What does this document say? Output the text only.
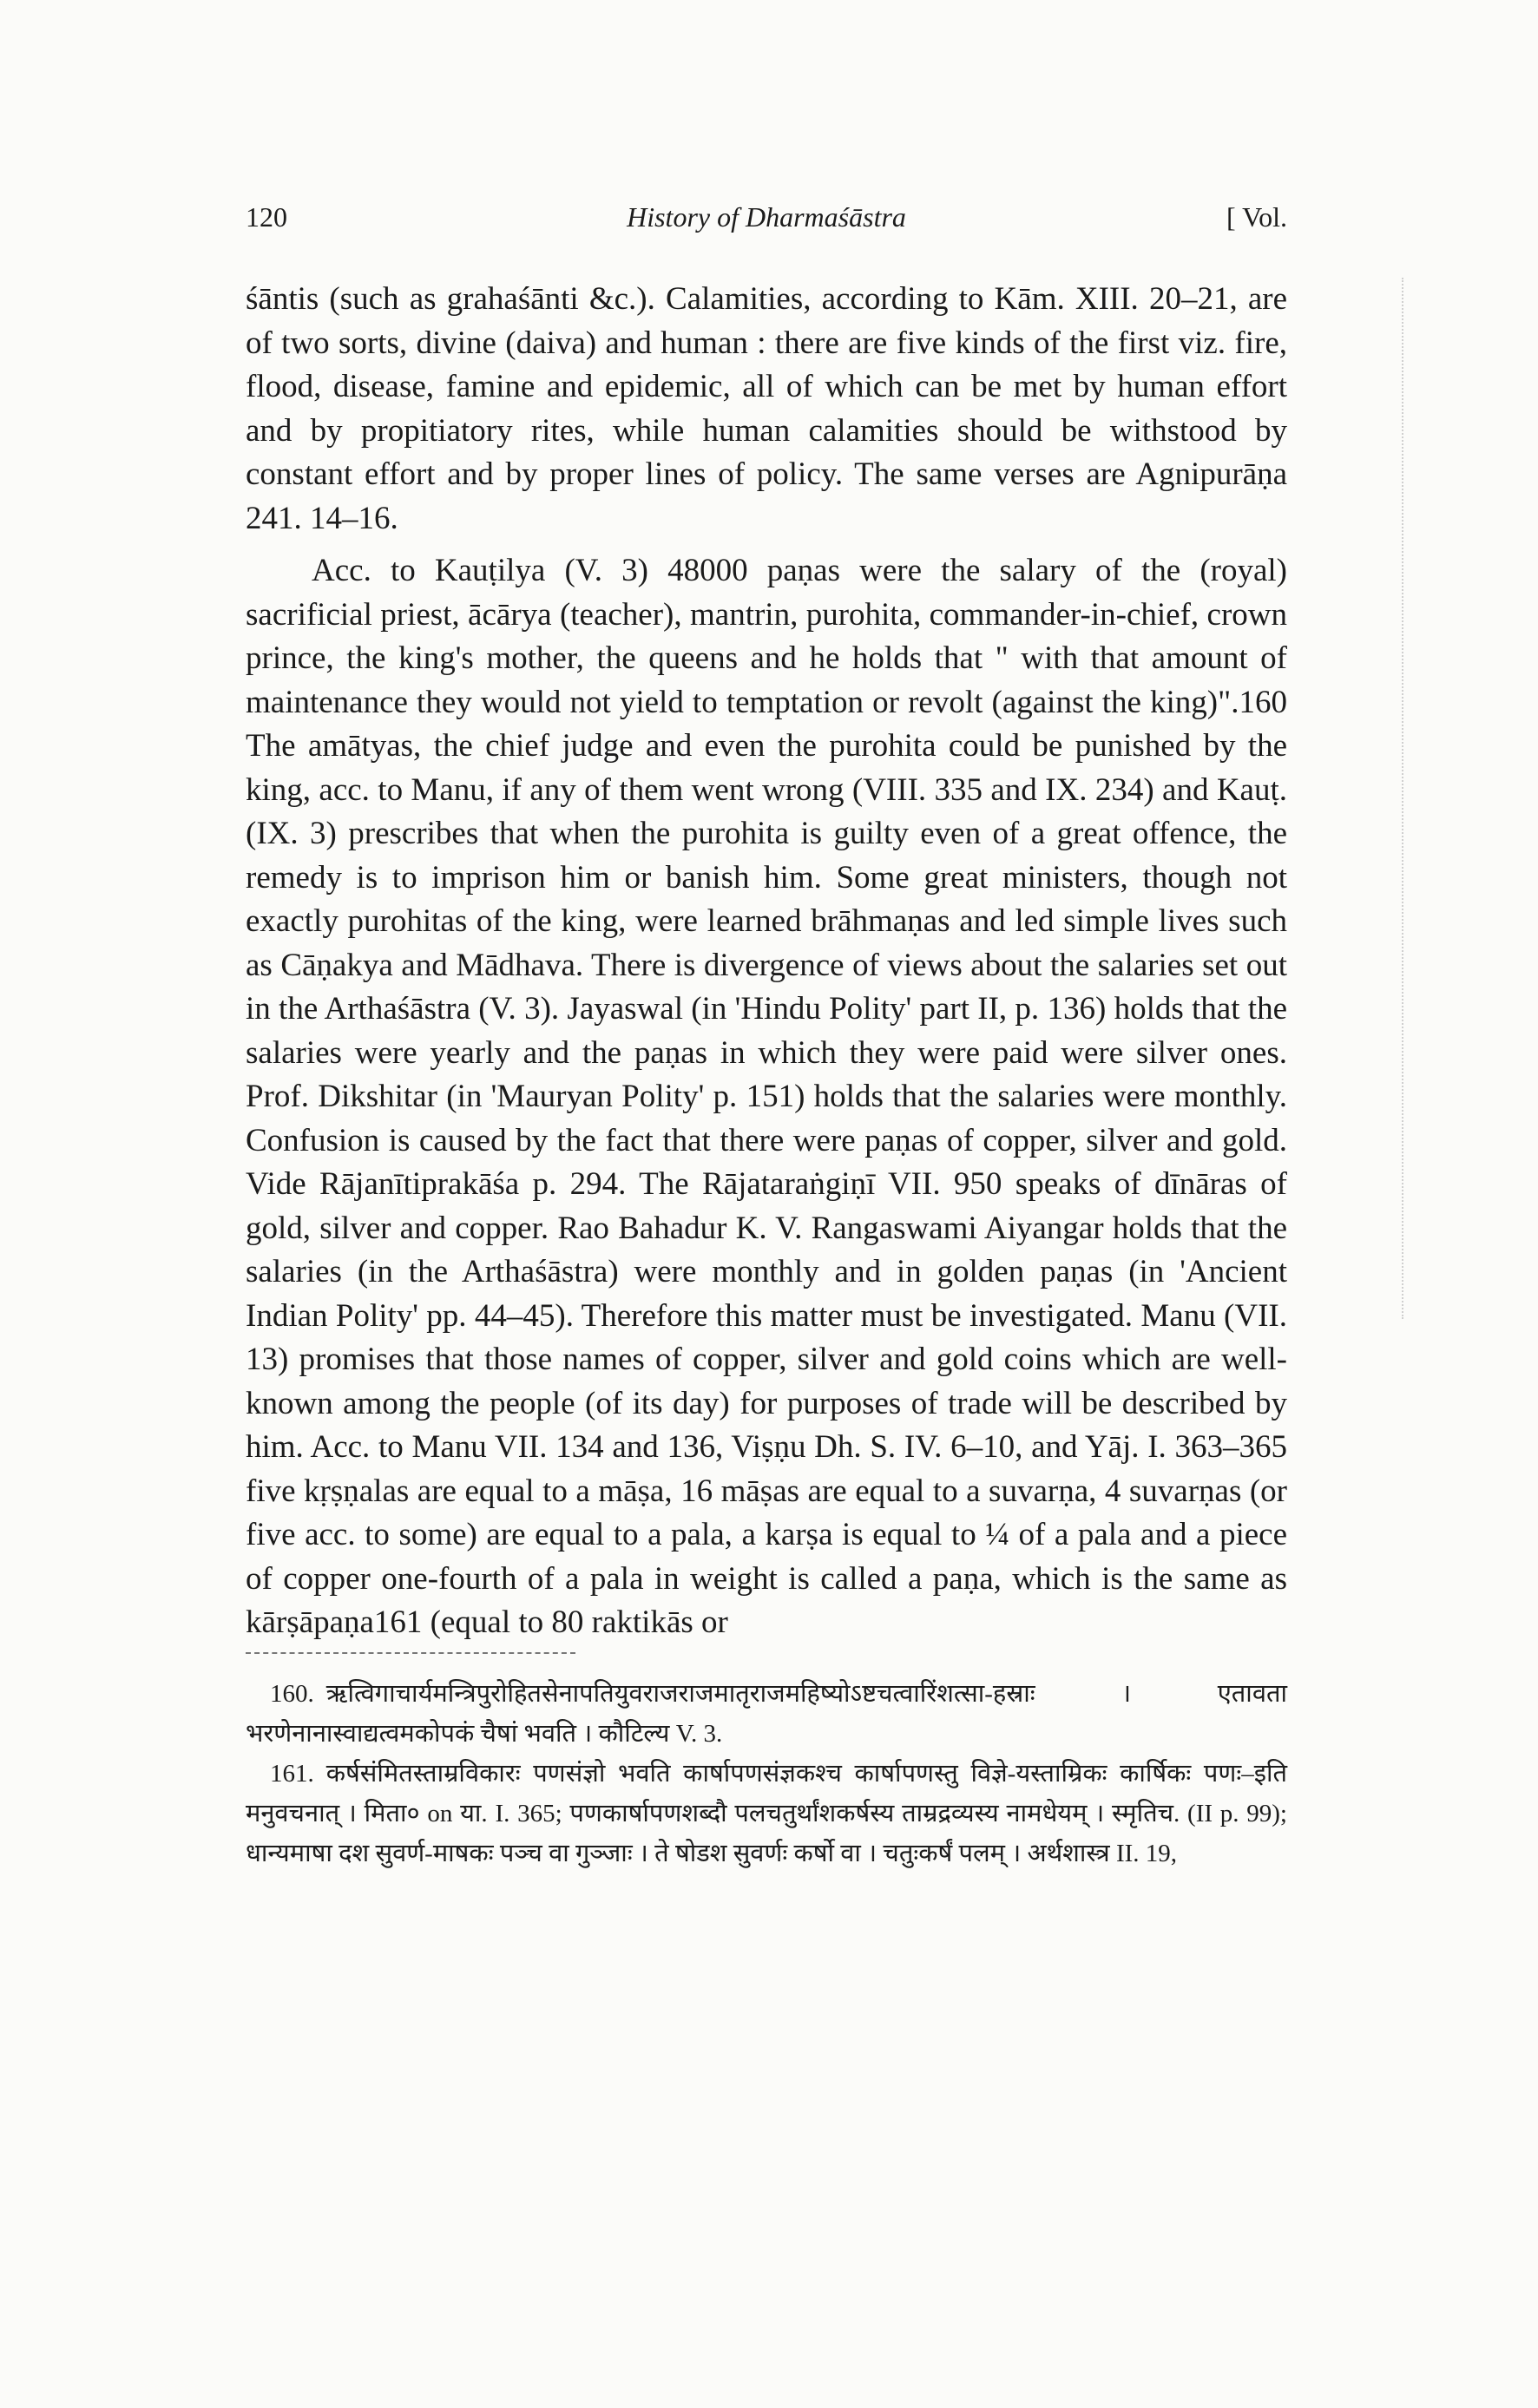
120	History of Dharmaśāstra	[ Vol.

śāntis (such as grahaśānti &c.). Calamities, according to Kām. XIII. 20–21, are of two sorts, divine (daiva) and human : there are five kinds of the first viz. fire, flood, disease, famine and epidemic, all of which can be met by human effort and by propitiatory rites, while human calamities should be withstood by constant effort and by proper lines of policy. The same verses are Agnipurāṇa 241. 14–16.

Acc. to Kauṭilya (V. 3) 48000 paṇas were the salary of the (royal) sacrificial priest, ācārya (teacher), mantrin, purohita, commander-in-chief, crown prince, the king's mother, the queens and he holds that " with that amount of maintenance they would not yield to temptation or revolt (against the king)".160 The amātyas, the chief judge and even the purohita could be punished by the king, acc. to Manu, if any of them went wrong (VIII. 335 and IX. 234) and Kauṭ. (IX. 3) prescribes that when the purohita is guilty even of a great offence, the remedy is to imprison him or banish him. Some great ministers, though not exactly purohitas of the king, were learned brāhmaṇas and led simple lives such as Cāṇakya and Mādhava. There is divergence of views about the salaries set out in the Arthaśāstra (V. 3). Jayaswal (in 'Hindu Polity' part II, p. 136) holds that the salaries were yearly and the paṇas in which they were paid were silver ones. Prof. Dikshitar (in 'Mauryan Polity' p. 151) holds that the salaries were monthly. Confusion is caused by the fact that there were paṇas of copper, silver and gold. Vide Rājanītiprakāśa p. 294. The Rājataraṅgiṇī VII. 950 speaks of dīnāras of gold, silver and copper. Rao Bahadur K. V. Rangaswami Aiyangar holds that the salaries (in the Arthaśāstra) were monthly and in golden paṇas (in 'Ancient Indian Polity' pp. 44–45). Therefore this matter must be investigated. Manu (VII. 13) promises that those names of copper, silver and gold coins which are well-known among the people (of its day) for purposes of trade will be described by him. Acc. to Manu VII. 134 and 136, Viṣṇu Dh. S. IV. 6–10, and Yāj. I. 363–365 five kṛṣṇalas are equal to a māṣa, 16 māṣas are equal to a suvarṇa, 4 suvarṇas (or five acc. to some) are equal to a pala, a karṣa is equal to ¼ of a pala and a piece of copper one-fourth of a pala in weight is called a paṇa, which is the same as kārṣāpaṇa161 (equal to 80 raktikās or

160. ऋत्विगाचार्यमन्त्रिपुरोहितसेनापतियुवराजराजमातृराजमहिष्योऽष्टचत्वारिंशत्सा-हस्राः । एतावता भरणेनानास्वाद्यत्वमकोपकं चैषां भवति । कौटिल्य V. 3.

161. कर्षसंमितस्ताम्रविकारः पणसंज्ञो भवति कार्षापणसंज्ञकश्च कार्षापणस्तु विज्ञे-यस्ताम्रिकः कार्षिकः पणः–इति मनुवचनात् । मिता० on या. I. 365; पणकार्षापणशब्दौ पलचतुर्थांशकर्षस्य ताम्रद्रव्यस्य नामधेयम् । स्मृतिच. (II p. 99); धान्यमाषा दश सुवर्ण-माषकः पञ्च वा गुञ्जाः । ते षोडश सुवर्णः कर्षो वा । चतुःकर्षं पलम् । अर्थशास्त्र II. 19,
